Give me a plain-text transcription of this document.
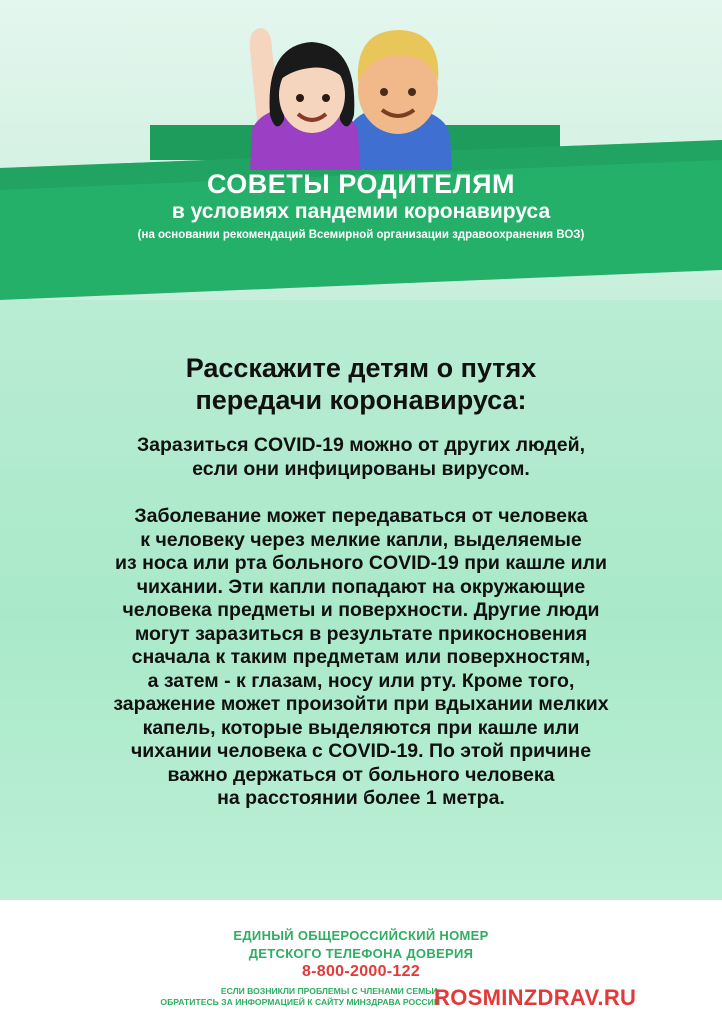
СОВЕТЫ РОДИТЕЛЯМ
в условиях пандемии коронавируса
(на основании рекомендаций Всемирной организации здравоохранения ВОЗ)
Расскажите детям о путях
передачи коронавируса:
Заразиться COVID-19 можно от других людей,
если они инфицированы вирусом.
Заболевание может передаваться от человека
к человеку через мелкие капли, выделяемые
из носа или рта больного COVID-19 при кашле или
чихании. Эти капли попадают на окружающие
человека предметы и поверхности. Другие люди
могут заразиться в результате прикосновения
сначала к таким предметам или поверхностям,
а затем - к глазам, носу или рту. Кроме того,
заражение может произойти при вдыхании мелких
капель, которые выделяются при кашле или
чихании человека с COVID-19. По этой причине
важно держаться от больного человека
на расстоянии более 1 метра.
ЕДИНЫЙ ОБЩЕРОССИЙСКИЙ НОМЕР
ДЕТСКОГО ТЕЛЕФОНА ДОВЕРИЯ
8-800-2000-122
ЕСЛИ ВОЗНИКЛИ ПРОБЛЕМЫ С ЧЛЕНАМИ СЕМЬИ,
ОБРАТИТЕСЬ ЗА ИНФОРМАЦИЕЙ К САЙТУ МИНЗДРАВА РОССИИ
ROSMINZDRAV.RU
